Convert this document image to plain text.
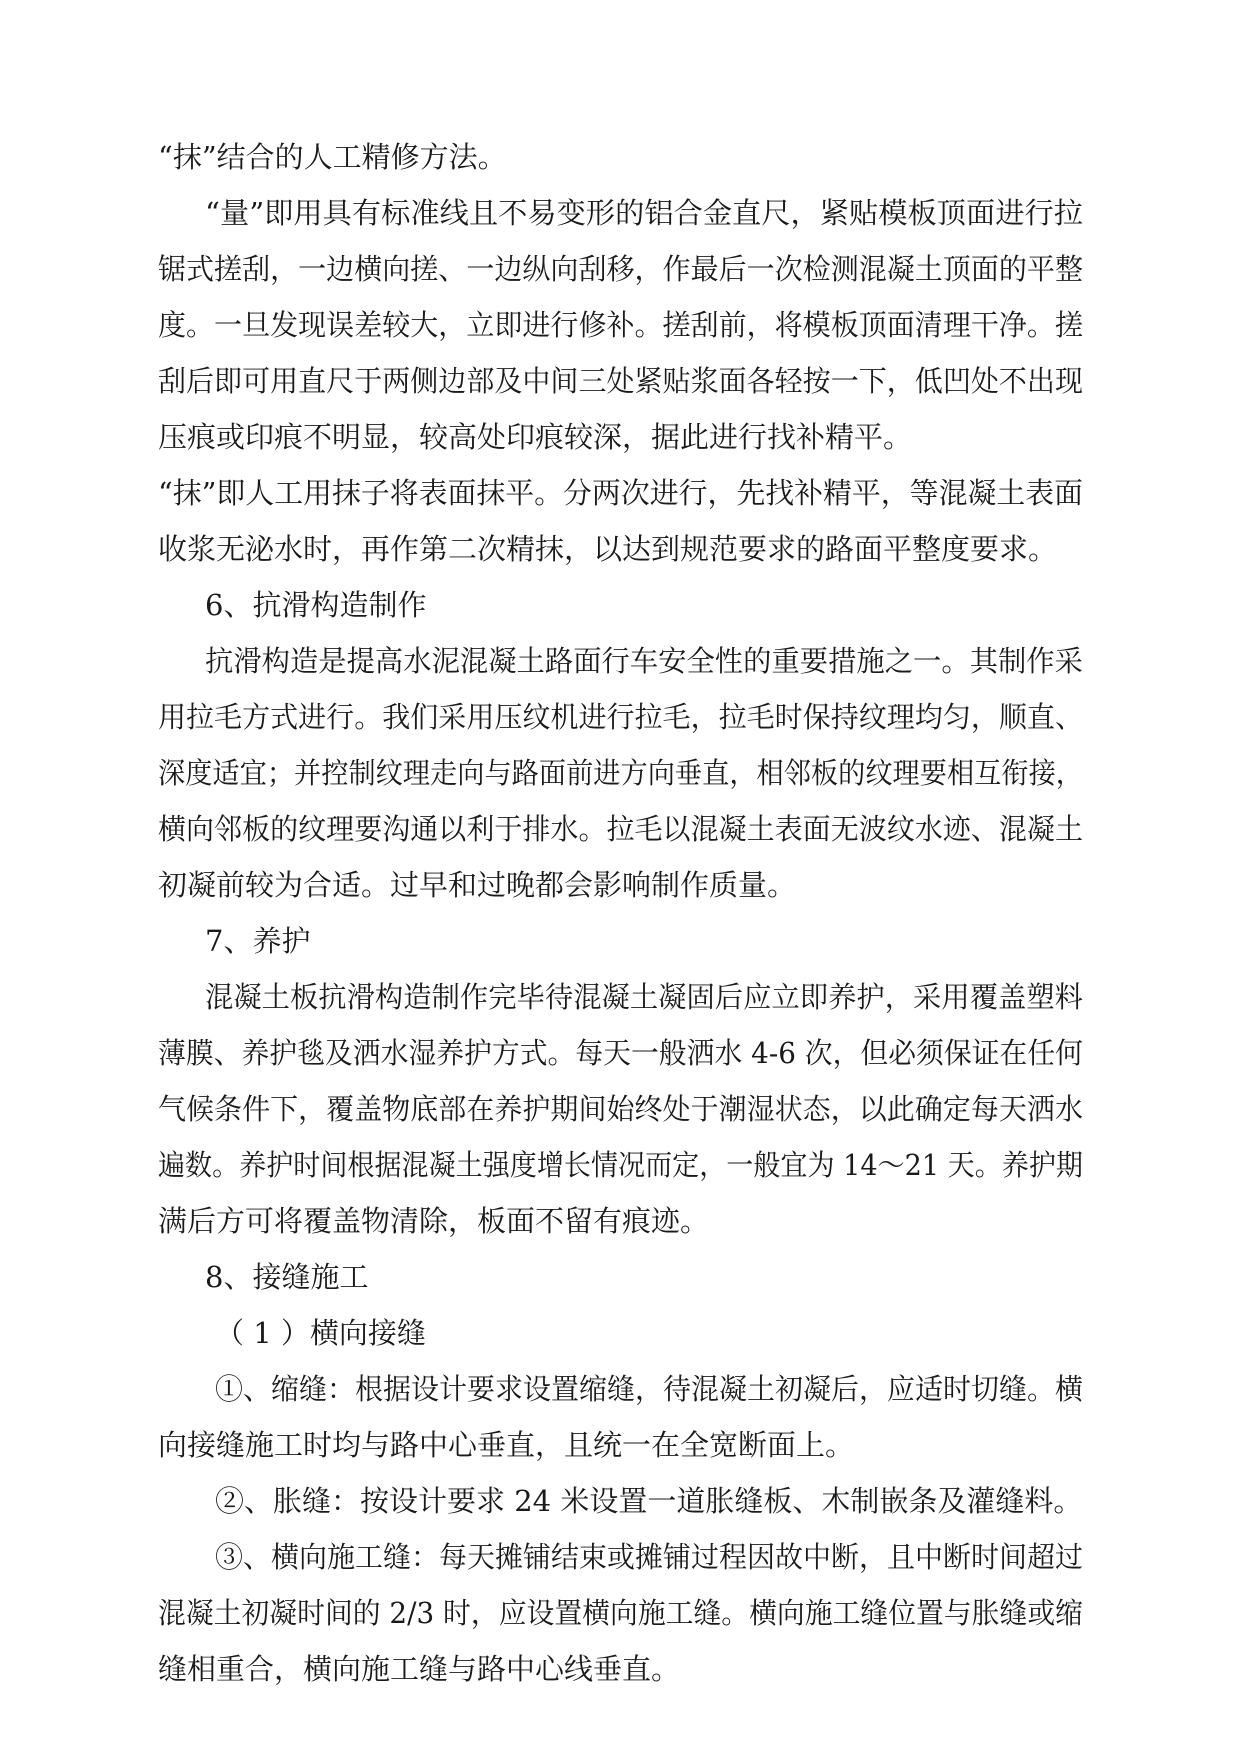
“抹”结合的人工精修方法。

“量”即用具有标准线且不易变形的铝合金直尺，紧贴模板顶面进行拉

锯式搓刮，一边横向搓、一边纵向刮移，作最后一次检测混凝土顶面的平整

度。一旦发现误差较大，立即进行修补。搓刮前，将模板顶面清理干净。搓

刮后即可用直尺于两侧边部及中间三处紧贴浆面各轻按一下，低凹处不出现

压痕或印痕不明显，较高处印痕较深，据此进行找补精平。

“抹”即人工用抹子将表面抹平。分两次进行，先找补精平，等混凝土表面

收浆无泌水时，再作第二次精抹，以达到规范要求的路面平整度要求。

6、抗滑构造制作

抗滑构造是提高水泥混凝土路面行车安全性的重要措施之一。其制作采

用拉毛方式进行。我们采用压纹机进行拉毛，拉毛时保持纹理均匀，顺直、

深度适宜；并控制纹理走向与路面前进方向垂直，相邻板的纹理要相互衔接，

横向邻板的纹理要沟通以利于排水。拉毛以混凝土表面无波纹水迹、混凝土

初凝前较为合适。过早和过晚都会影响制作质量。

7、养护

混凝土板抗滑构造制作完毕待混凝土凝固后应立即养护，采用覆盖塑料

薄膜、养护毯及洒水湿养护方式。每天一般洒水 4-6 次，但必须保证在任何

气候条件下，覆盖物底部在养护期间始终处于潮湿状态，以此确定每天洒水

遍数。养护时间根据混凝土强度增长情况而定，一般宜为 14～21 天。养护期

满后方可将覆盖物清除，板面不留有痕迹。

8、接缝施工

（ 1 ）横向接缝

①、缩缝：根据设计要求设置缩缝，待混凝土初凝后，应适时切缝。横

向接缝施工时均与路中心垂直，且统一在全宽断面上。

②、胀缝：按设计要求 24 米设置一道胀缝板、木制嵌条及灌缝料。

③、横向施工缝：每天摊铺结束或摊铺过程因故中断，且中断时间超过

混凝土初凝时间的 2/3 时，应设置横向施工缝。横向施工缝位置与胀缝或缩

缝相重合，横向施工缝与路中心线垂直。
